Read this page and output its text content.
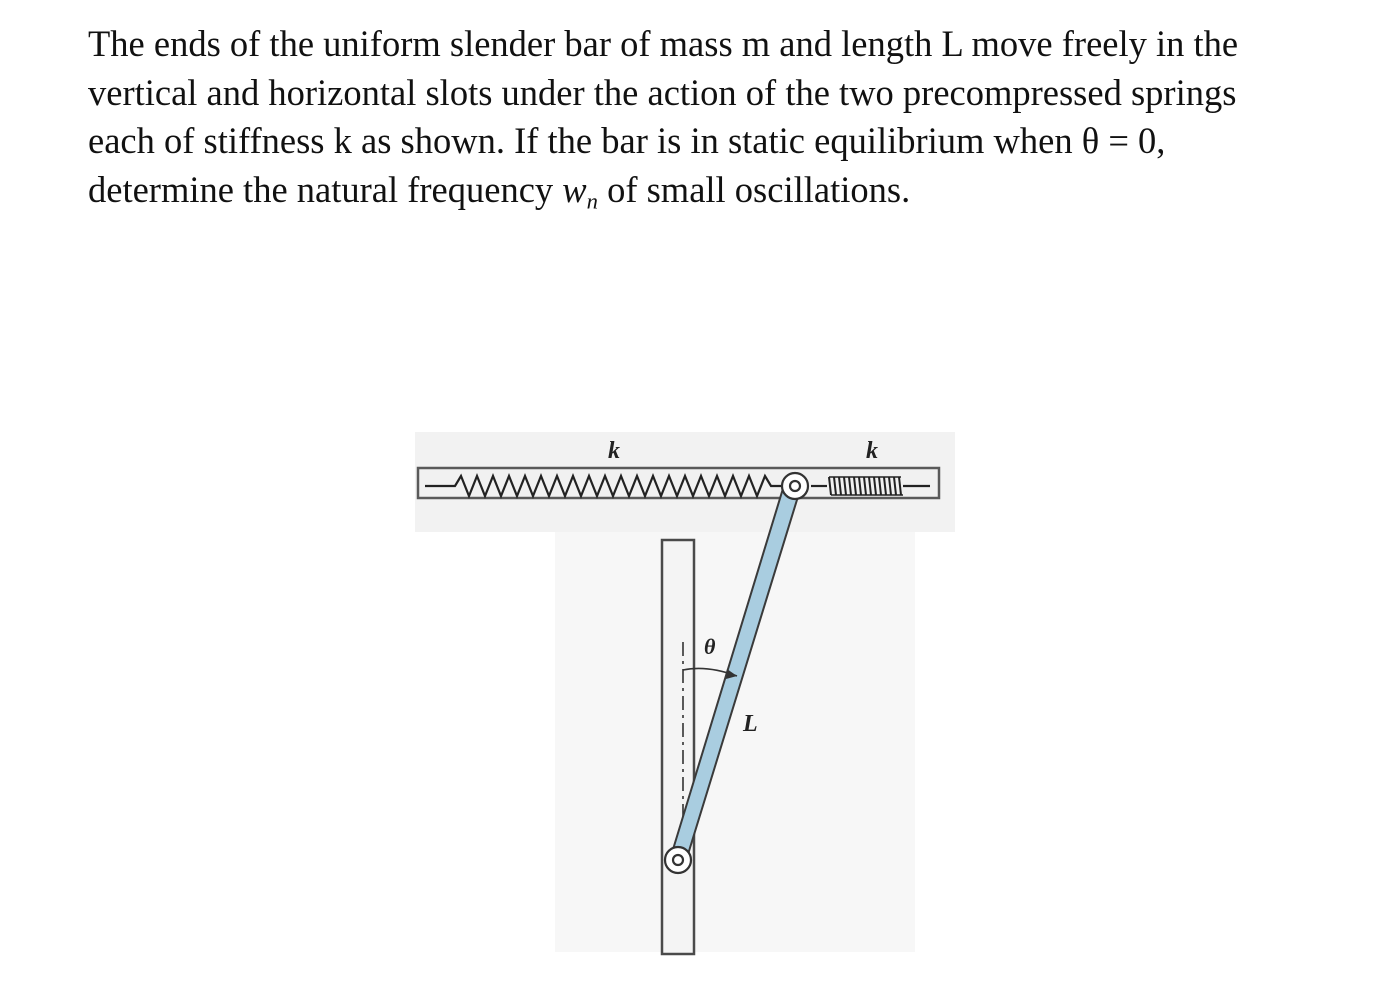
The ends of the uniform slender bar of mass m and length L move freely in the
vertical and horizontal slots under the action of the two precompressed springs
each of stiffness k as shown. If the bar is in static equilibrium when θ = 0,
determine the natural frequency $w_n$ of small oscillations.
k	k
θ
L
